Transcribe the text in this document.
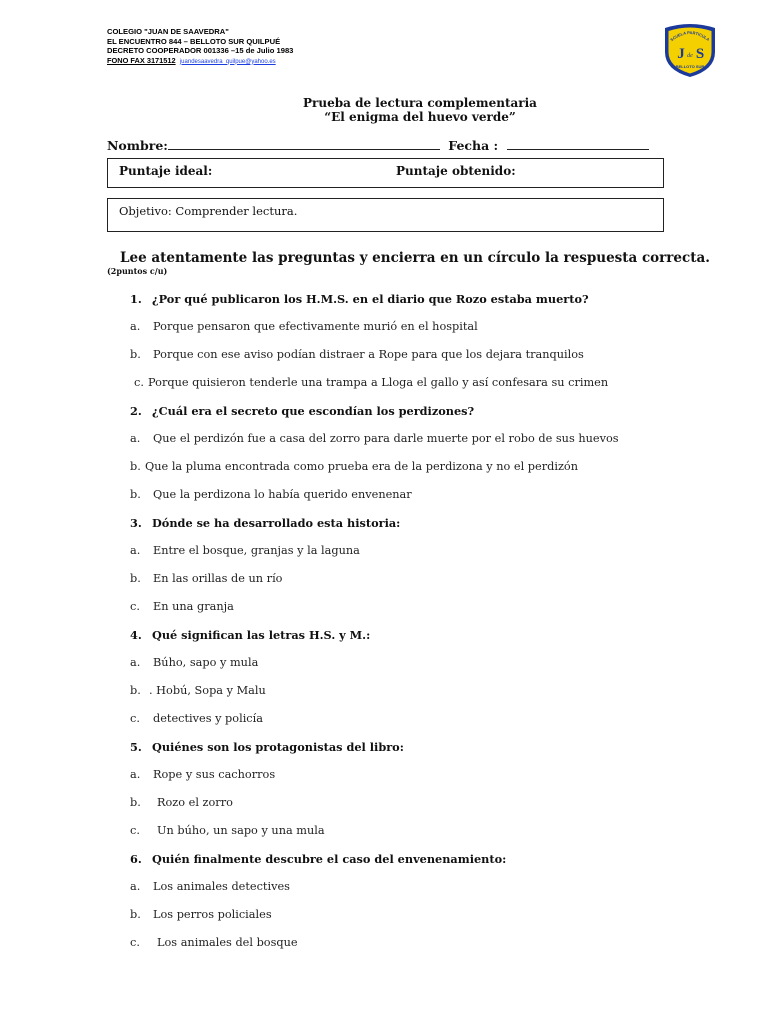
COLEGIO "JUAN DE SAAVEDRA"
EL ENCUENTRO 844 – BELLOTO SUR QUILPUÉ
DECRETO COOPERADOR 001336 –15 de Julio 1983
FONO FAX 3171512 juandesaavedra_quilpue@yahoo.es
SCUELA PARTICULA
J de S
BELLOTO SUR
Prueba de lectura complementaria
“El enigma del huevo verde”
Nombre:	Fecha :
Puntaje ideal:	Puntaje obtenido:
Objetivo: Comprender lectura.
Lee atentamente las preguntas y encierra en un círculo la respuesta correcta.
(2puntos c/u)
1. ¿Por qué publicaron los H.M.S. en el diario que Rozo estaba muerto?
a. Porque pensaron que efectivamente murió en el hospital
b. Porque con ese aviso podían distraer a Rope para que los dejara tranquilos
c. Porque quisieron tenderle una trampa a Lloga el gallo y así confesara su crimen
2. ¿Cuál era el secreto que escondían los perdizones?
a. Que el perdizón fue a casa del zorro para darle muerte por el robo de sus huevos
b. Que la pluma encontrada como prueba era de la perdizona y no el perdizón
b. Que la perdizona lo había querido envenenar
3. Dónde se ha desarrollado esta historia:
a. Entre el bosque, granjas y la laguna
b. En las orillas de un río
c. En una granja
4. Qué significan las letras H.S. y M.:
a. Búho, sapo y mula
b. . Hobú, Sopa y Malu
c. detectives y policía
5. Quiénes son los protagonistas del libro:
a. Rope y sus cachorros
b. Rozo el zorro
c. Un búho, un sapo y una mula
6. Quién finalmente descubre el caso del envenenamiento:
a. Los animales detectives
b. Los perros policiales
c. Los animales del bosque
